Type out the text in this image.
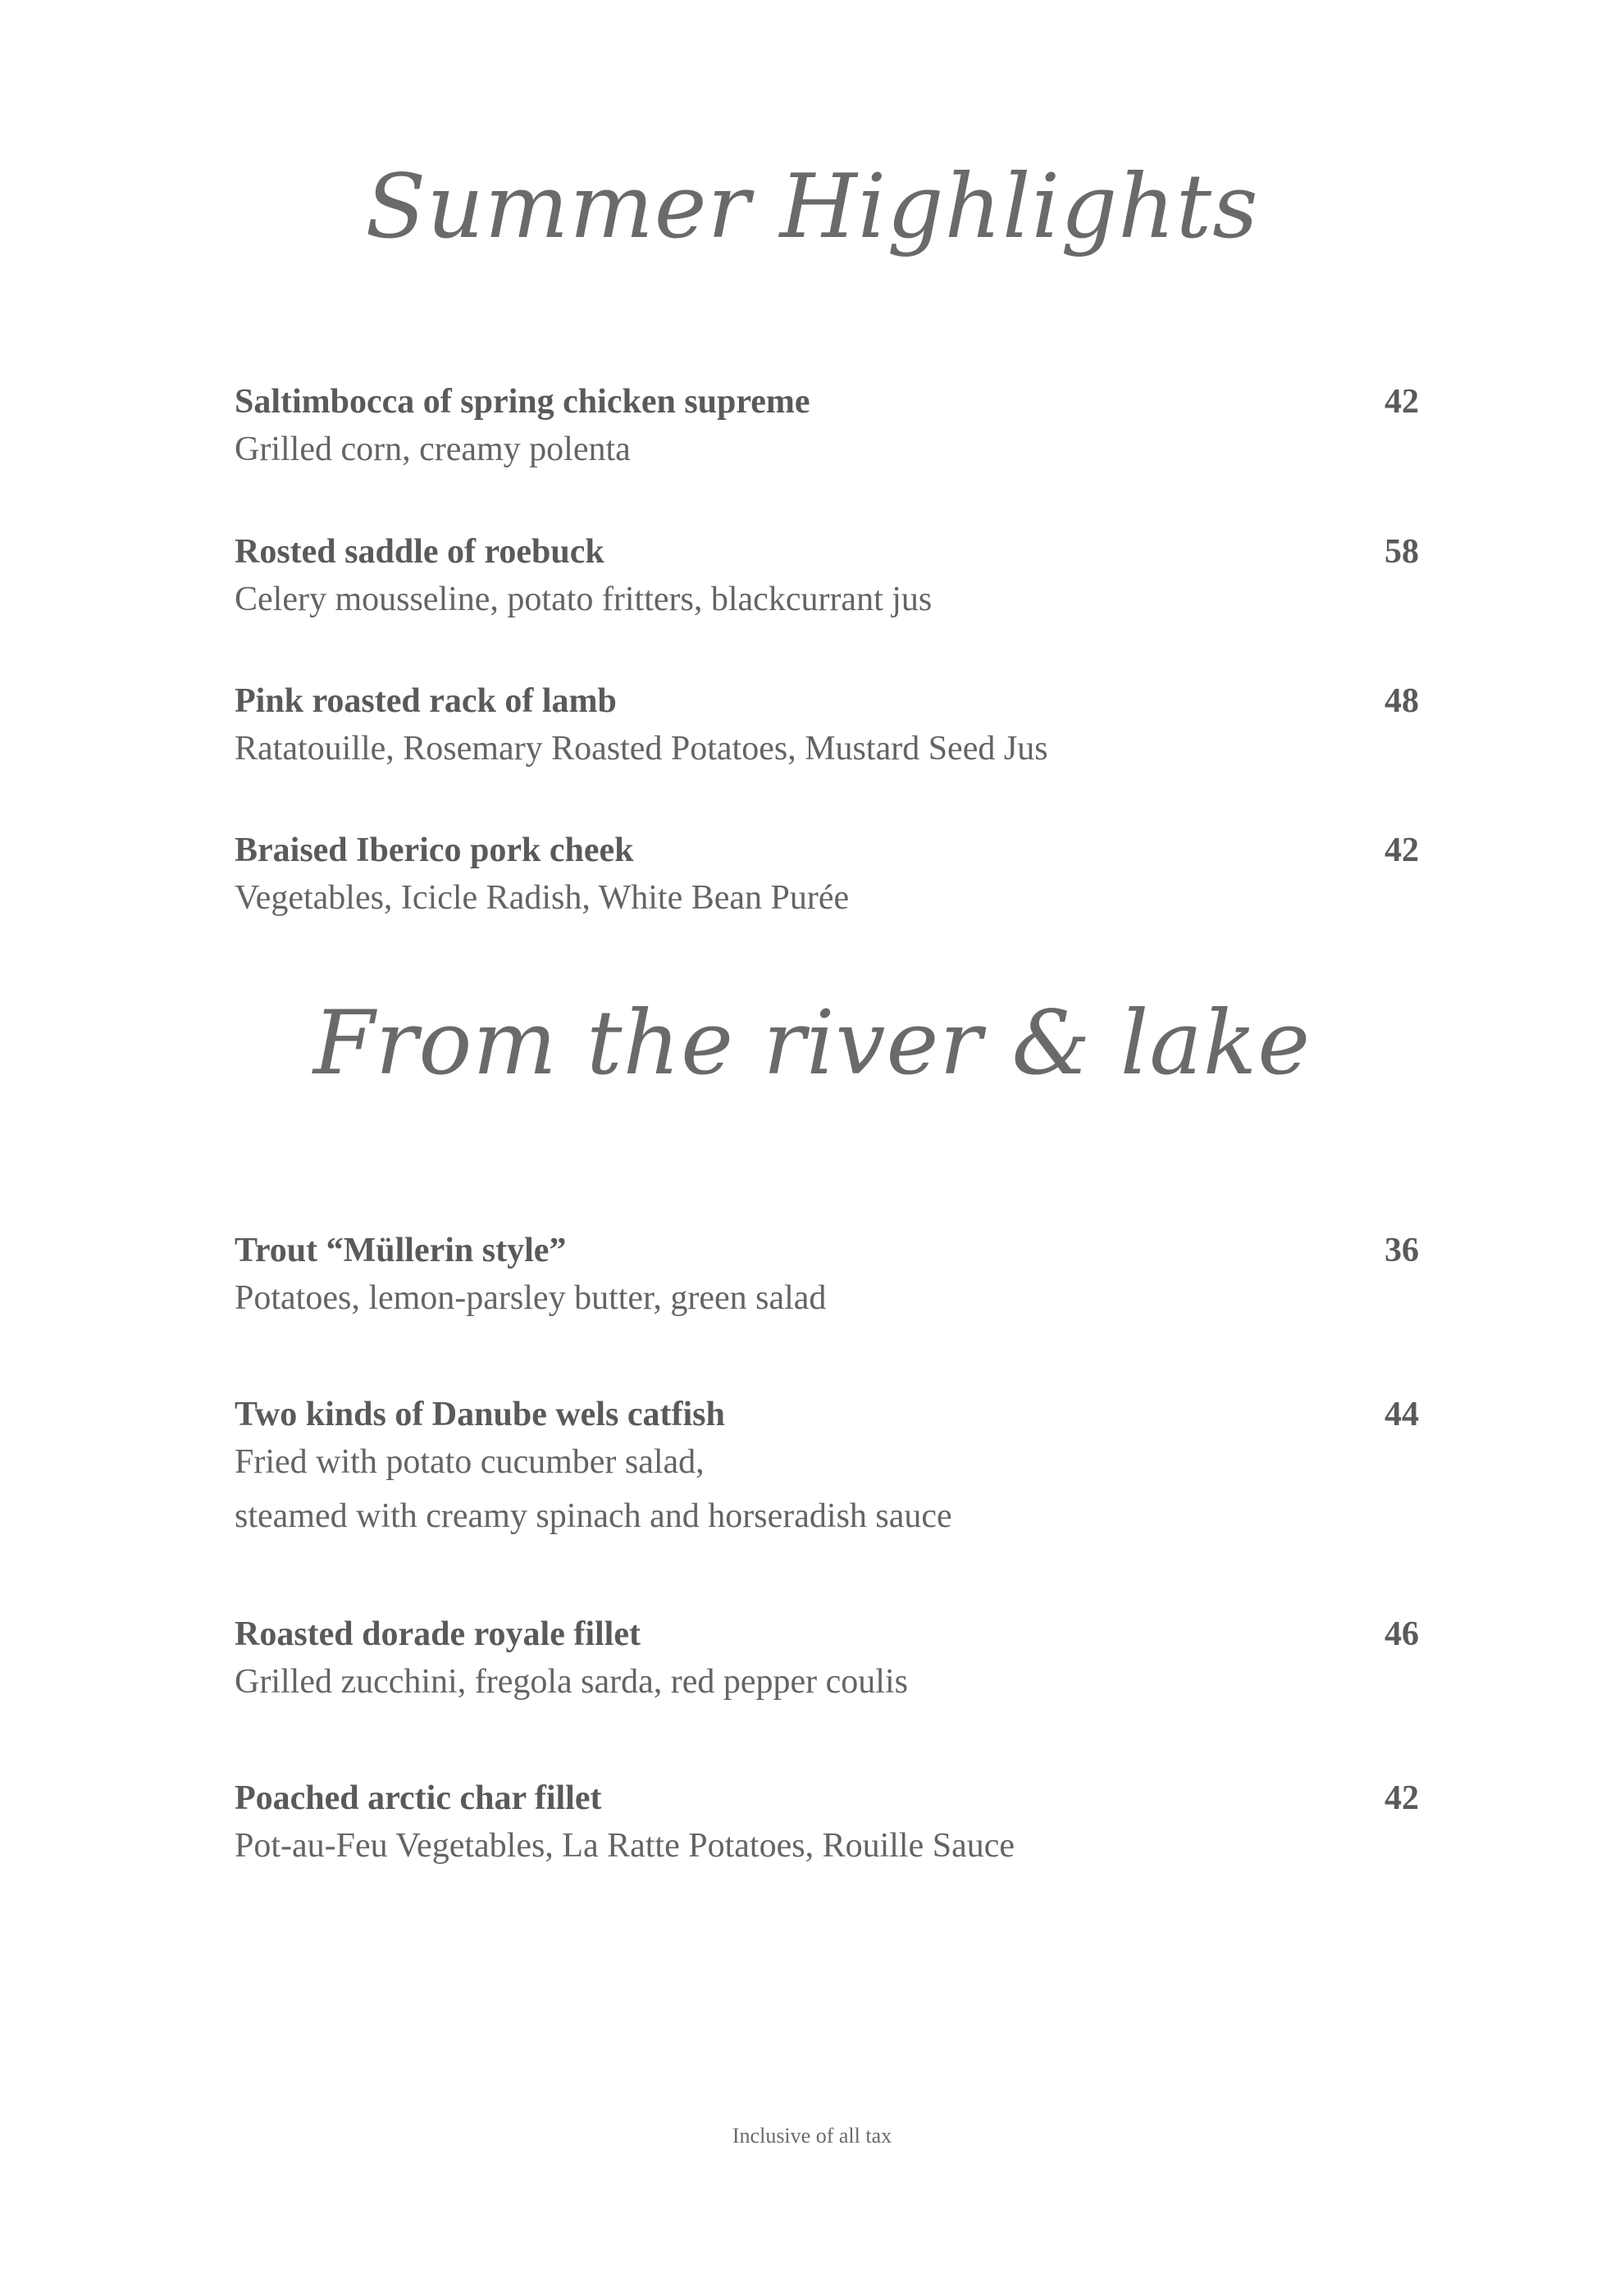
Summer Highlights
Saltimbocca of spring chicken supreme	42
Grilled corn, creamy polenta
Rosted saddle of roebuck	58
Celery mousseline, potato fritters, blackcurrant jus
Pink roasted rack of lamb	48
Ratatouille, Rosemary Roasted Potatoes, Mustard Seed Jus
Braised Iberico pork cheek	42
Vegetables, Icicle Radish, White Bean Purée
From the river & lake
Trout “Müllerin style”	36
Potatoes, lemon-parsley butter, green salad
Two kinds of Danube wels catfish	44
Fried with potato cucumber salad,
steamed with creamy spinach and horseradish sauce
Roasted dorade royale fillet	46
Grilled zucchini, fregola sarda, red pepper coulis
Poached arctic char fillet	42
Pot-au-Feu Vegetables, La Ratte Potatoes, Rouille Sauce
Inclusive of all tax
